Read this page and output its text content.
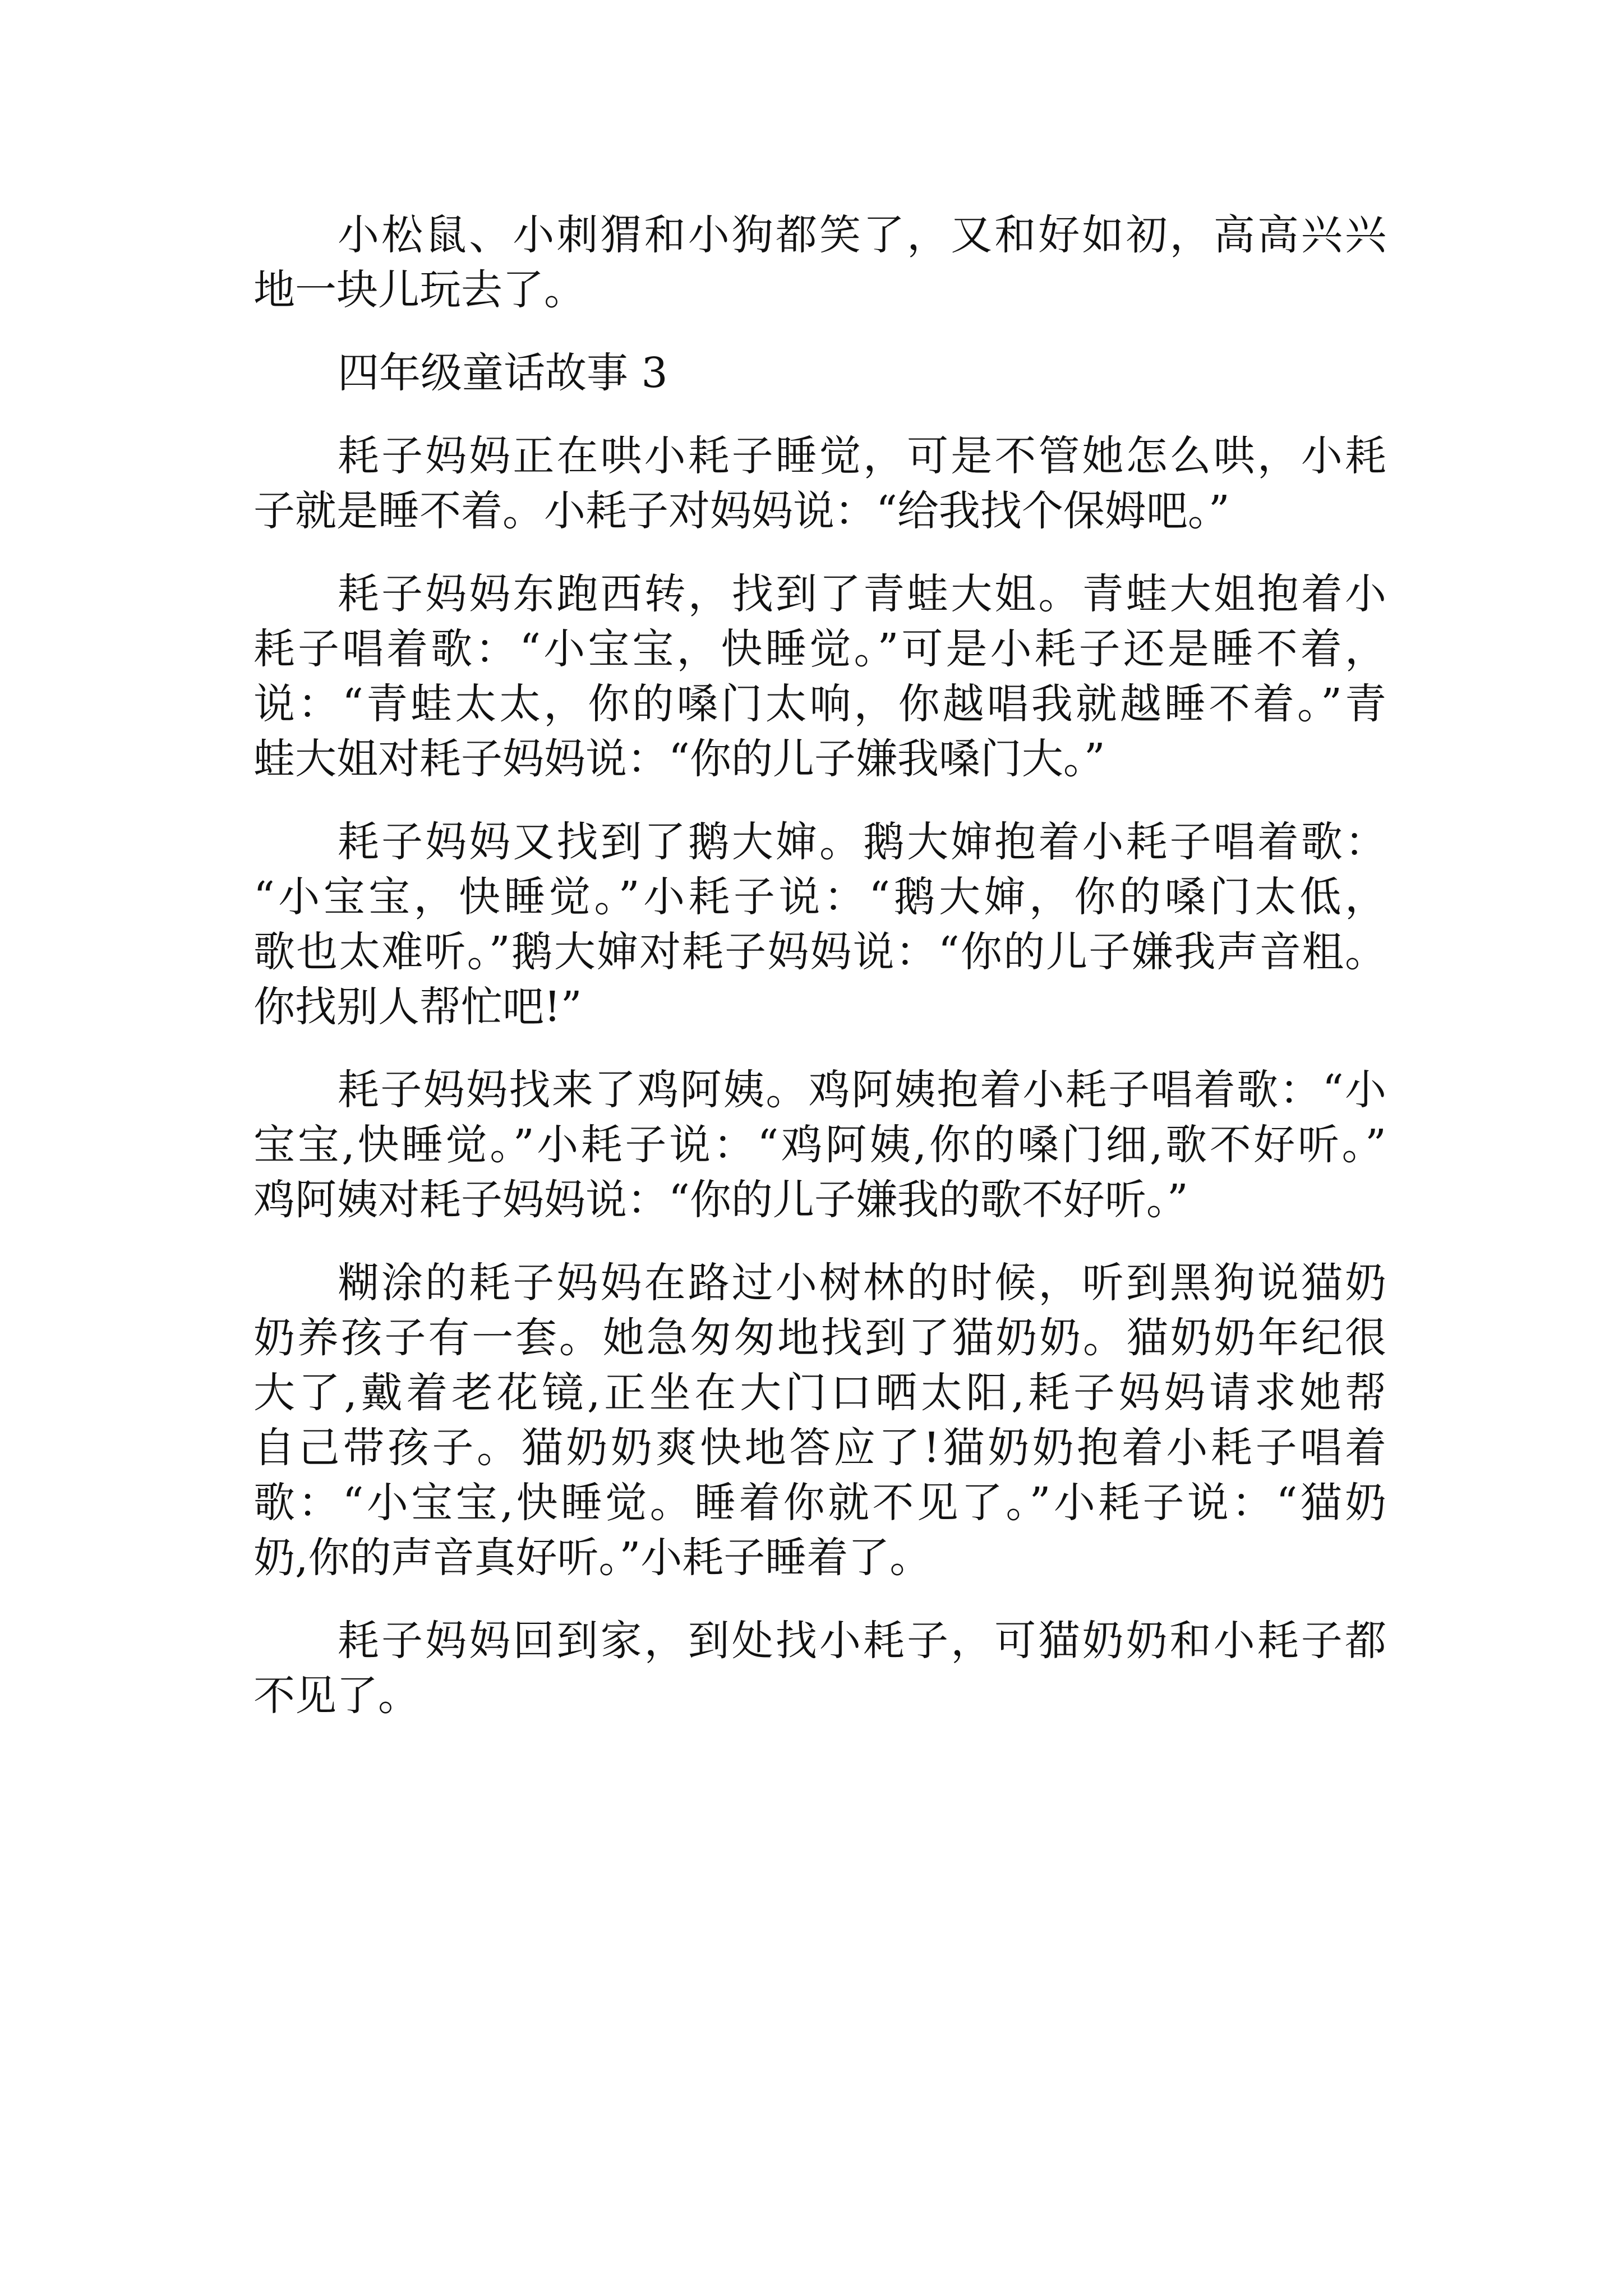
小松鼠、小刺猬和小狗都笑了，又和好如初，高高兴兴
地一块儿玩去了。
四年级童话故事 3
耗子妈妈正在哄小耗子睡觉，可是不管她怎么哄，小耗
子就是睡不着。小耗子对妈妈说：“给我找个保姆吧。”
耗子妈妈东跑西转，找到了青蛙大姐。青蛙大姐抱着小
耗子唱着歌：“小宝宝，快睡觉。”可是小耗子还是睡不着，
说：“青蛙太太，你的嗓门太响，你越唱我就越睡不着。”青
蛙大姐对耗子妈妈说：“你的儿子嫌我嗓门大。”
耗子妈妈又找到了鹅大婶。鹅大婶抱着小耗子唱着歌：
“小宝宝，快睡觉。”小耗子说：“鹅大婶，你的嗓门太低，
歌也太难听。”鹅大婶对耗子妈妈说：“你的儿子嫌我声音粗。
你找别人帮忙吧!”
耗子妈妈找来了鸡阿姨。鸡阿姨抱着小耗子唱着歌：“小
宝宝,快睡觉。”小耗子说：“鸡阿姨,你的嗓门细,歌不好听。”
鸡阿姨对耗子妈妈说：“你的儿子嫌我的歌不好听。”
糊涂的耗子妈妈在路过小树林的时候，听到黑狗说猫奶
奶养孩子有一套。她急匆匆地找到了猫奶奶。猫奶奶年纪很
大了,戴着老花镜,正坐在大门口晒太阳,耗子妈妈请求她帮
自己带孩子。猫奶奶爽快地答应了!猫奶奶抱着小耗子唱着
歌：“小宝宝,快睡觉。睡着你就不见了。”小耗子说：“猫奶
奶,你的声音真好听。”小耗子睡着了。
耗子妈妈回到家，到处找小耗子，可猫奶奶和小耗子都
不见了。
